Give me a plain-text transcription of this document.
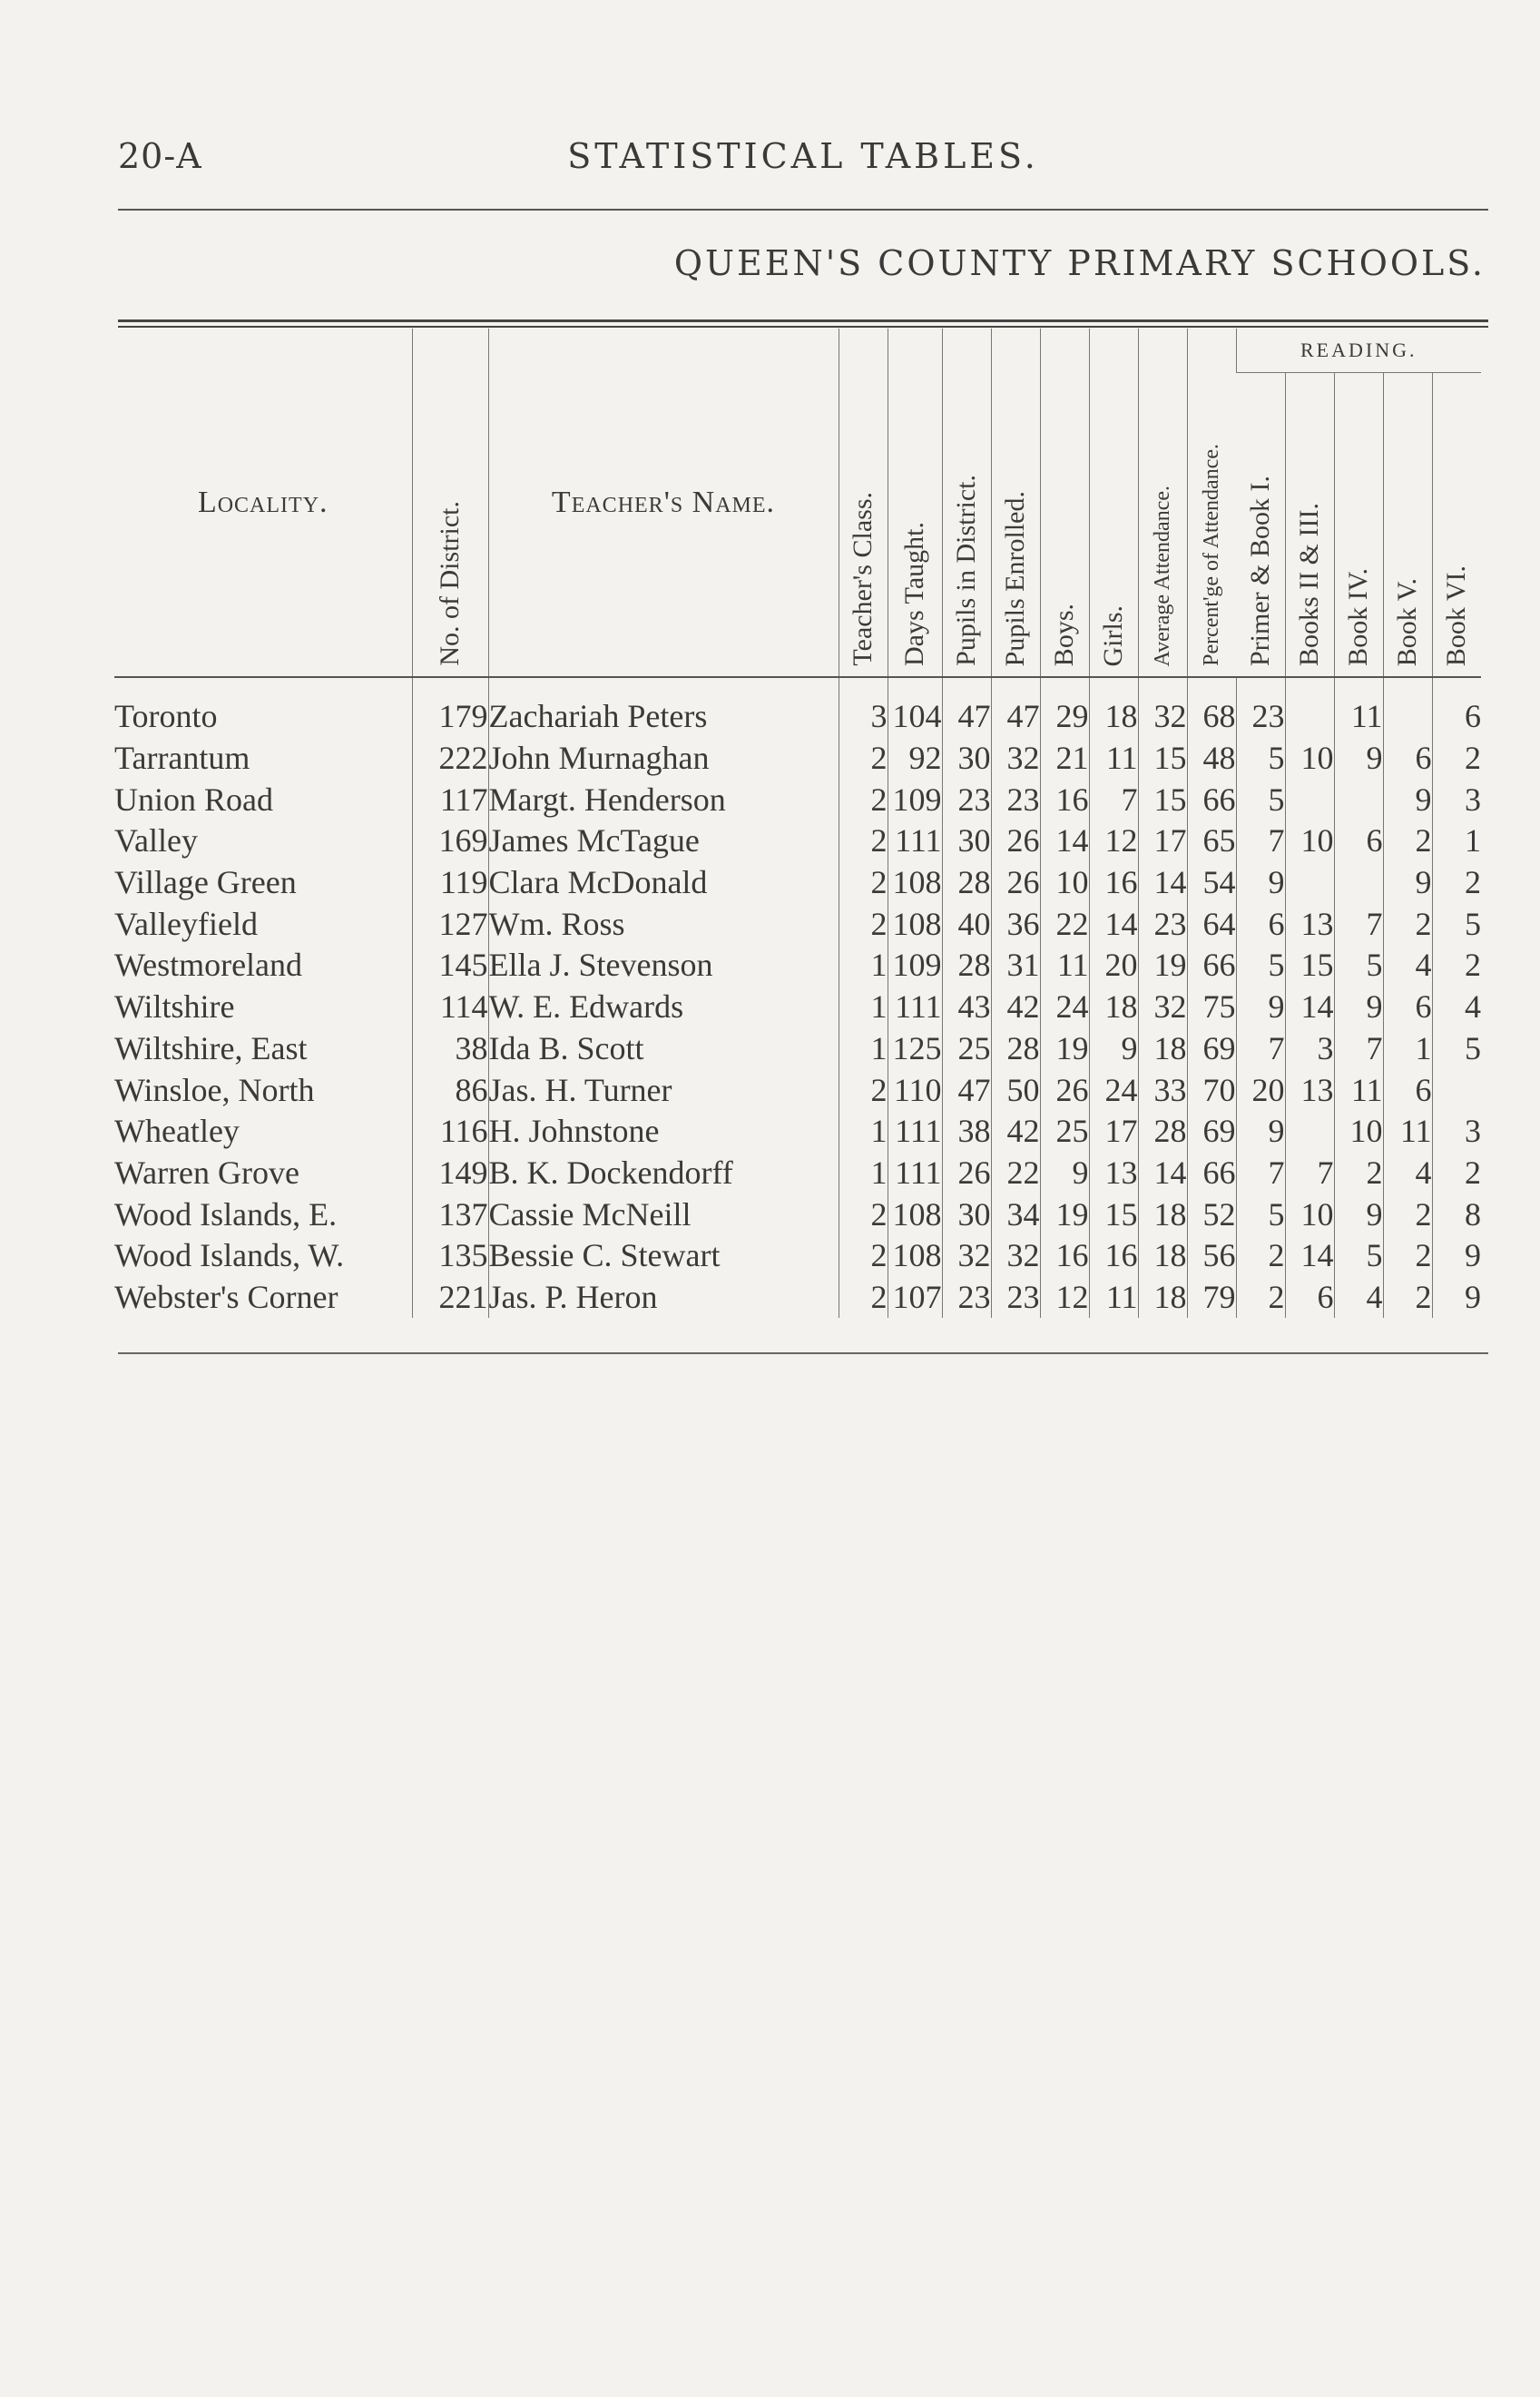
20-A	STATISTICAL TABLES.
QUEEN'S COUNTY PRIMARY SCHOOLS.
Locality.	No. of District.	Teacher's Name.	Teacher's Class.	Days Taught.	Pupils in District.	Pupils Enrolled.	Boys.	Girls.	Average Attendance.	Percent'ge of Attendance.	READING.				
											Primer & Book I.	Books II & III.	Book IV.	Book V.	Book VI.
Toronto	179	Zachariah Peters	3	104	47	47	29	18	32	68	23		11		6
Tarrantum	222	John Murnaghan	2	92	30	32	21	11	15	48	5	10	9	6	2
Union Road	117	Margt. Henderson	2	109	23	23	16	7	15	66	5			9	3
Valley	169	James McTague	2	111	30	26	14	12	17	65	7	10	6	2	1
Village Green	119	Clara McDonald	2	108	28	26	10	16	14	54	9			9	2
Valleyfield	127	Wm. Ross	2	108	40	36	22	14	23	64	6	13	7	2	5
Westmoreland	145	Ella J. Stevenson	1	109	28	31	11	20	19	66	5	15	5	4	2
Wiltshire	114	W. E. Edwards	1	111	43	42	24	18	32	75	9	14	9	6	4
Wiltshire, East	38	Ida B. Scott	1	125	25	28	19	9	18	69	7	3	7	1	5
Winsloe, North	86	Jas. H. Turner	2	110	47	50	26	24	33	70	20	13	11	6	
Wheatley	116	H. Johnstone	1	111	38	42	25	17	28	69	9		10	11	3
Warren Grove	149	B. K. Dockendorff	1	111	26	22	9	13	14	66	7	7	2	4	2
Wood Islands, E.	137	Cassie McNeill	2	108	30	34	19	15	18	52	5	10	9	2	8
Wood Islands, W.	135	Bessie C. Stewart	2	108	32	32	16	16	18	56	2	14	5	2	9
Webster's Corner	221	Jas. P. Heron	2	107	23	23	12	11	18	79	2	6	4	2	9
